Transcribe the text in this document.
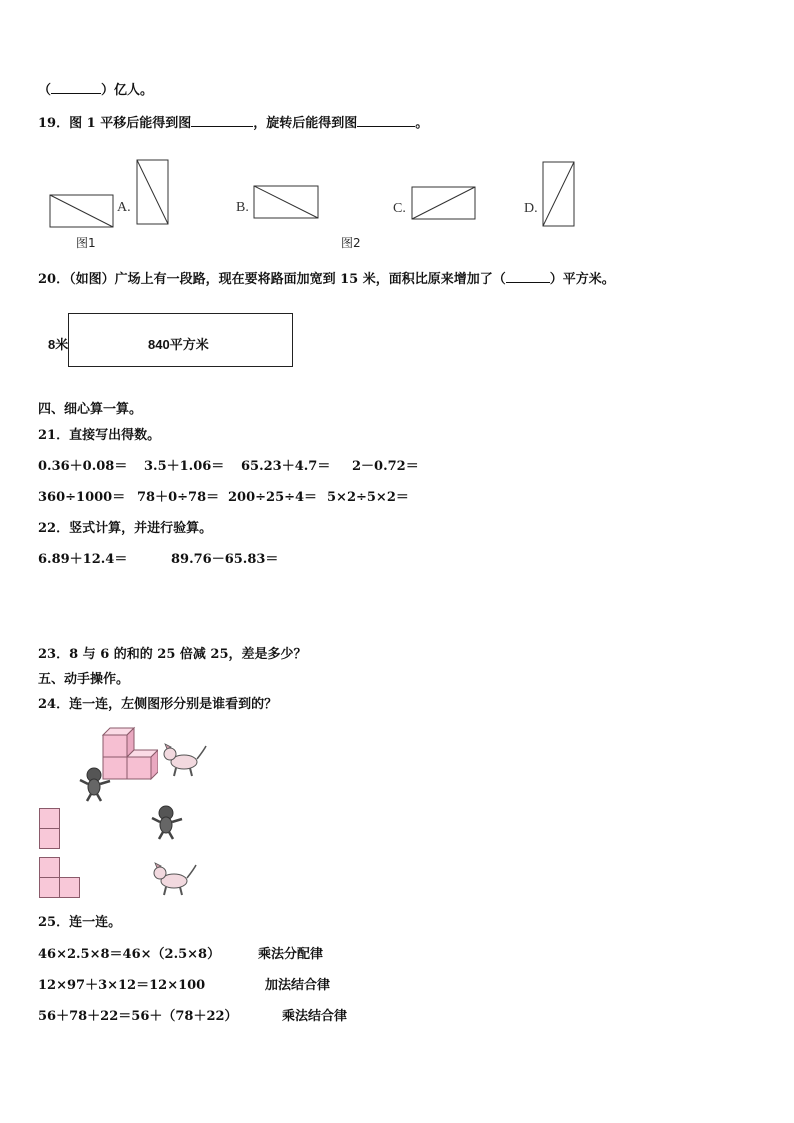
（	）亿人。
19．图 1 平移后能得到图	，旋转后能得到图	。
A.	B.	C.	D.
图1	图2
20．（如图）广场上有一段路，现在要将路面加宽到 15 米，面积比原来增加了（	）平方米。
8米	840平方米
四、细心算一算。
21．直接写出得数。
0.36＋0.08＝ 3.5＋1.06＝ 65.23＋4.7＝ 2－0.72＝
360÷1000＝ 78＋0÷78＝ 200÷25÷4＝ 5×2÷5×2＝
22．竖式计算，并进行验算。
6.89＋12.4＝	89.76－65.83＝
23．8 与 6 的和的 25 倍减 25，差是多少？
五、动手操作。
24．连一连，左侧图形分别是谁看到的？
25．连一连。
46×2.5×8＝46×（2.5×8）	乘法分配律
12×97＋3×12＝12×100	加法结合律
56＋78＋22＝56＋（78＋22）	乘法结合律
